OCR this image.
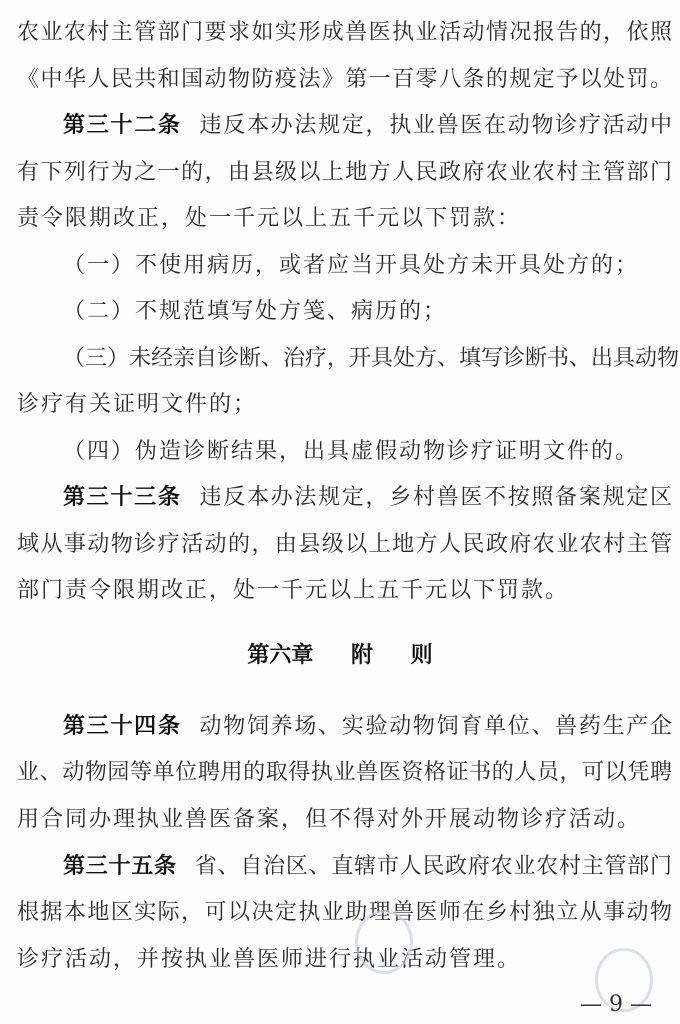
农业农村主管部门要求如实形成兽医执业活动情况报告的，依照
《中华人民共和国动物防疫法》第一百零八条的规定予以处罚。
第三十二条 违反本办法规定，执业兽医在动物诊疗活动中
有下列行为之一的，由县级以上地方人民政府农业农村主管部门
责令限期改正，处一千元以上五千元以下罚款：
（一）不使用病历，或者应当开具处方未开具处方的；
（二）不规范填写处方笺、病历的；
（三）未经亲自诊断、治疗，开具处方、填写诊断书、出具动物
诊疗有关证明文件的；
（四）伪造诊断结果，出具虚假动物诊疗证明文件的。
第三十三条 违反本办法规定，乡村兽医不按照备案规定区
域从事动物诊疗活动的，由县级以上地方人民政府农业农村主管
部门责令限期改正，处一千元以上五千元以下罚款。
第六章 附 则
第三十四条 动物饲养场、实验动物饲育单位、兽药生产企
业、动物园等单位聘用的取得执业兽医资格证书的人员，可以凭聘
用合同办理执业兽医备案，但不得对外开展动物诊疗活动。
第三十五条 省、自治区、直辖市人民政府农业农村主管部门
根据本地区实际，可以决定执业助理兽医师在乡村独立从事动物
诊疗活动，并按执业兽医师进行执业活动管理。
— 9 —
